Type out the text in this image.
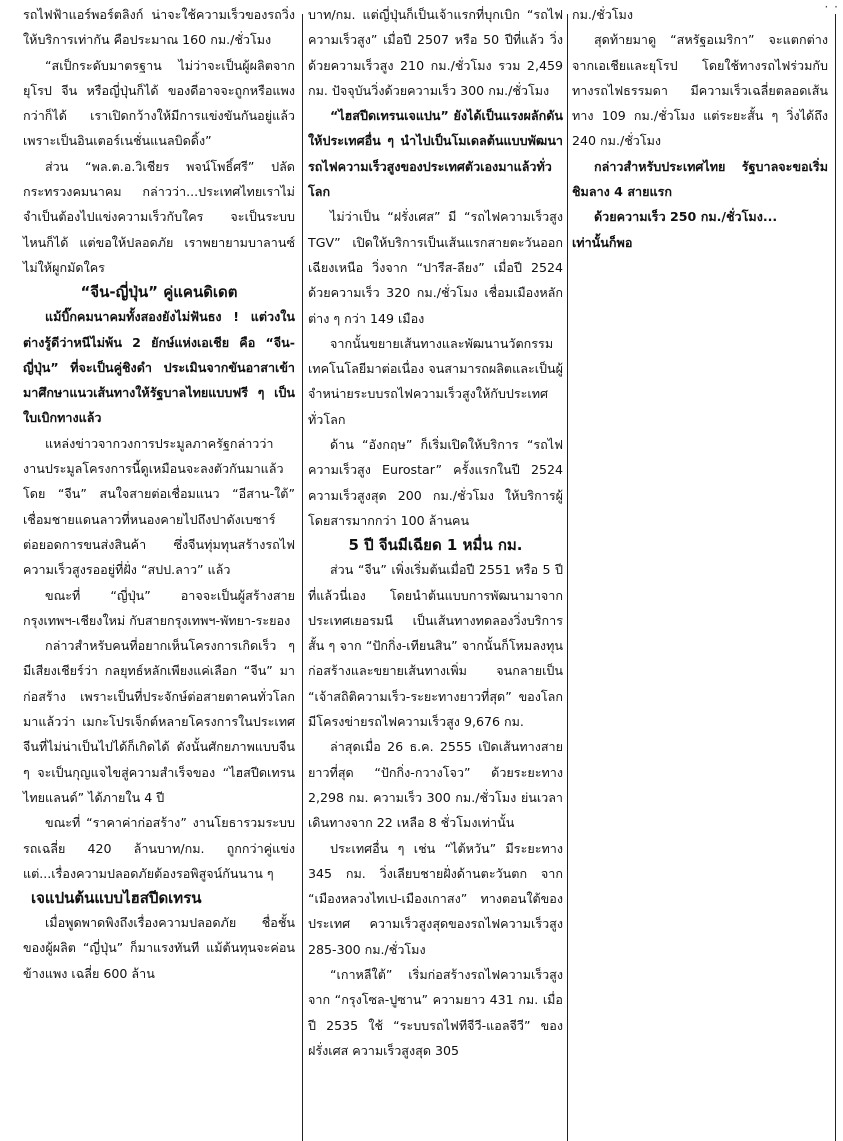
· ·

รถไฟฟ้าแอร์พอร์ตลิงก์ น่าจะใช้ความเร็วของรถวิ่งให้บริการเท่ากัน คือประมาณ 160 กม./ชั่วโมง

“สเป็กระดับมาตรฐาน ไม่ว่าจะเป็นผู้ผลิตจากยุโรป จีน หรือญี่ปุ่นก็ได้ ของดีอาจจะถูกหรือแพงกว่าก็ได้ เราเปิดกว้างให้มีการแข่งขันกันอยู่แล้ว เพราะเป็นอินเตอร์เนชั่นแนลบิดดิ้ง”

ส่วน “พล.ต.อ.วิเชียร พจน์โพธิ์ศรี” ปลัดกระทรวงคมนาคม กล่าวว่า...ประเทศไทยเราไม่จำเป็นต้องไปแข่งความเร็วกับใคร จะเป็นระบบไหนก็ได้ แต่ขอให้ปลอดภัย เราพยายามบาลานซ์ไม่ให้ผูกมัดใคร

“จีน-ญี่ปุ่น” คู่แคนดิเดต

แม้บิ๊กคมนาคมทั้งสองยังไม่ฟันธง ! แต่วงในต่างรู้ดีว่าหนีไม่พ้น 2 ยักษ์แห่งเอเชีย คือ “จีน-ญี่ปุ่น” ที่จะเป็นคู่ชิงดำ ประเมินจากขันอาสาเข้ามาศึกษาแนวเส้นทางให้รัฐบาลไทยแบบฟรี ๆ เป็นใบเบิกทางแล้ว

แหล่งข่าวจากวงการประมูลภาครัฐกล่าวว่า งานประมูลโครงการนี้ดูเหมือนจะลงตัวกันมาแล้ว โดย “จีน” สนใจสายต่อเชื่อมแนว “อีสาน-ใต้” เชื่อมชายแดนลาวที่หนองคายไปถึงปาดังเบซาร์ ต่อยอดการขนส่งสินค้า ซึ่งจีนทุ่มทุนสร้างรถไฟความเร็วสูงรออยู่ที่ฝั่ง “สปป.ลาว” แล้ว

ขณะที่ “ญี่ปุ่น” อาจจะเป็นผู้สร้างสายกรุงเทพฯ-เชียงใหม่ กับสายกรุงเทพฯ-พัทยา-ระยอง

กล่าวสำหรับคนที่อยากเห็นโครงการเกิดเร็ว ๆ มีเสียงเชียร์ว่า กลยุทธ์หลักเพียงแค่เลือก “จีน” มาก่อสร้าง เพราะเป็นที่ประจักษ์ต่อสายตาคนทั่วโลกมาแล้วว่า เมกะโปรเจ็กต์หลายโครงการในประเทศจีนที่ไม่น่าเป็นไปได้ก็เกิดได้ ดังนั้นศักยภาพแบบจีน ๆ จะเป็นกุญแจไขสู่ความสำเร็จของ “ไฮสปีดเทรนไทยแลนด์” ได้ภายใน 4 ปี

ขณะที่ “ราคาค่าก่อสร้าง” งานโยธารวมระบบรถเฉลี่ย 420 ล้านบาท/กม. ถูกกว่าคู่แข่ง แต่...เรื่องความปลอดภัยต้องรอพิสูจน์กันนาน ๆ

เจแปนต้นแบบไฮสปีดเทรน

เมื่อพูดพาดพิงถึงเรื่องความปลอดภัย ชื่อชั้นของผู้ผลิต “ญี่ปุ่น” ก็มาแรงทันที แม้ต้นทุนจะค่อนข้างแพง เฉลี่ย 600 ล้าน

บาท/กม. แต่ญี่ปุ่นก็เป็นเจ้าแรกที่บุกเบิก “รถไฟความเร็วสูง” เมื่อปี 2507 หรือ 50 ปีที่แล้ว วิ่งด้วยความเร็วสูง 210 กม./ชั่วโมง รวม 2,459 กม. ปัจจุบันวิ่งด้วยความเร็ว 300 กม./ชั่วโมง

“ไฮสปีดเทรนเจแปน” ยังได้เป็นแรงผลักดันให้ประเทศอื่น ๆ นำไปเป็นโมเดลต้นแบบพัฒนารถไฟความเร็วสูงของประเทศตัวเองมาแล้วทั่วโลก

ไม่ว่าเป็น “ฝรั่งเศส” มี “รถไฟความเร็วสูง TGV” เปิดให้บริการเป็นเส้นแรกสายตะวันออกเฉียงเหนือ วิ่งจาก “ปารีส-ลียง” เมื่อปี 2524 ด้วยความเร็ว 320 กม./ชั่วโมง เชื่อมเมืองหลักต่าง ๆ กว่า 149 เมือง

จากนั้นขยายเส้นทางและพัฒนานวัตกรรมเทคโนโลยีมาต่อเนื่อง จนสามารถผลิตและเป็นผู้จำหน่ายระบบรถไฟความเร็วสูงให้กับประเทศทั่วโลก

ด้าน “อังกฤษ” ก็เริ่มเปิดให้บริการ “รถไฟความเร็วสูง Eurostar” ครั้งแรกในปี 2524 ความเร็วสูงสุด 200 กม./ชั่วโมง ให้บริการผู้โดยสารมากกว่า 100 ล้านคน

5 ปี จีนมีเฉียด 1 หมื่น กม.

ส่วน “จีน” เพิ่งเริ่มต้นเมื่อปี 2551 หรือ 5 ปีที่แล้วนี่เอง โดยนำต้นแบบการพัฒนามาจากประเทศเยอรมนี เป็นเส้นทางทดลองวิ่งบริการสั้น ๆ จาก “ปักกิ่ง-เทียนสิน” จากนั้นก็โหมลงทุนก่อสร้างและขยายเส้นทางเพิ่ม จนกลายเป็น “เจ้าสถิติความเร็ว-ระยะทางยาวที่สุด” ของโลกมีโครงข่ายรถไฟความเร็วสูง 9,676 กม.

ล่าสุดเมื่อ 26 ธ.ค. 2555 เปิดเส้นทางสายยาวที่สุด “ปักกิ่ง-กวางโจว” ด้วยระยะทาง 2,298 กม. ความเร็ว 300 กม./ชั่วโมง ย่นเวลาเดินทางจาก 22 เหลือ 8 ชั่วโมงเท่านั้น

ประเทศอื่น ๆ เช่น “ไต้หวัน” มีระยะทาง 345 กม. วิ่งเลียบชายฝั่งด้านตะวันตก จาก “เมืองหลวงไทเป-เมืองเกาสง” ทางตอนใต้ของประเทศ ความเร็วสูงสุดของรถไฟความเร็วสูง 285-300 กม./ชั่วโมง

“เกาหลีใต้” เริ่มก่อสร้างรถไฟความเร็วสูง จาก “กรุงโซล-ปูซาน” ความยาว 431 กม. เมื่อปี 2535 ใช้ “ระบบรถไฟทีจีวี-แอลจีวี” ของฝรั่งเศส ความเร็วสูงสุด 305

กม./ชั่วโมง

สุดท้ายมาดู “สหรัฐอเมริกา” จะแตกต่างจากเอเชียและยุโรป โดยใช้ทางรถไฟร่วมกับทางรถไฟธรรมดา มีความเร็วเฉลี่ยตลอดเส้นทาง 109 กม./ชั่วโมง แต่ระยะสั้น ๆ วิ่งได้ถึง 240 กม./ชั่วโมง

กล่าวสำหรับประเทศไทย รัฐบาลจะขอเริ่มชิมลาง 4 สายแรก

ด้วยความเร็ว 250 กม./ชั่วโมง...

เท่านั้นก็พอ
